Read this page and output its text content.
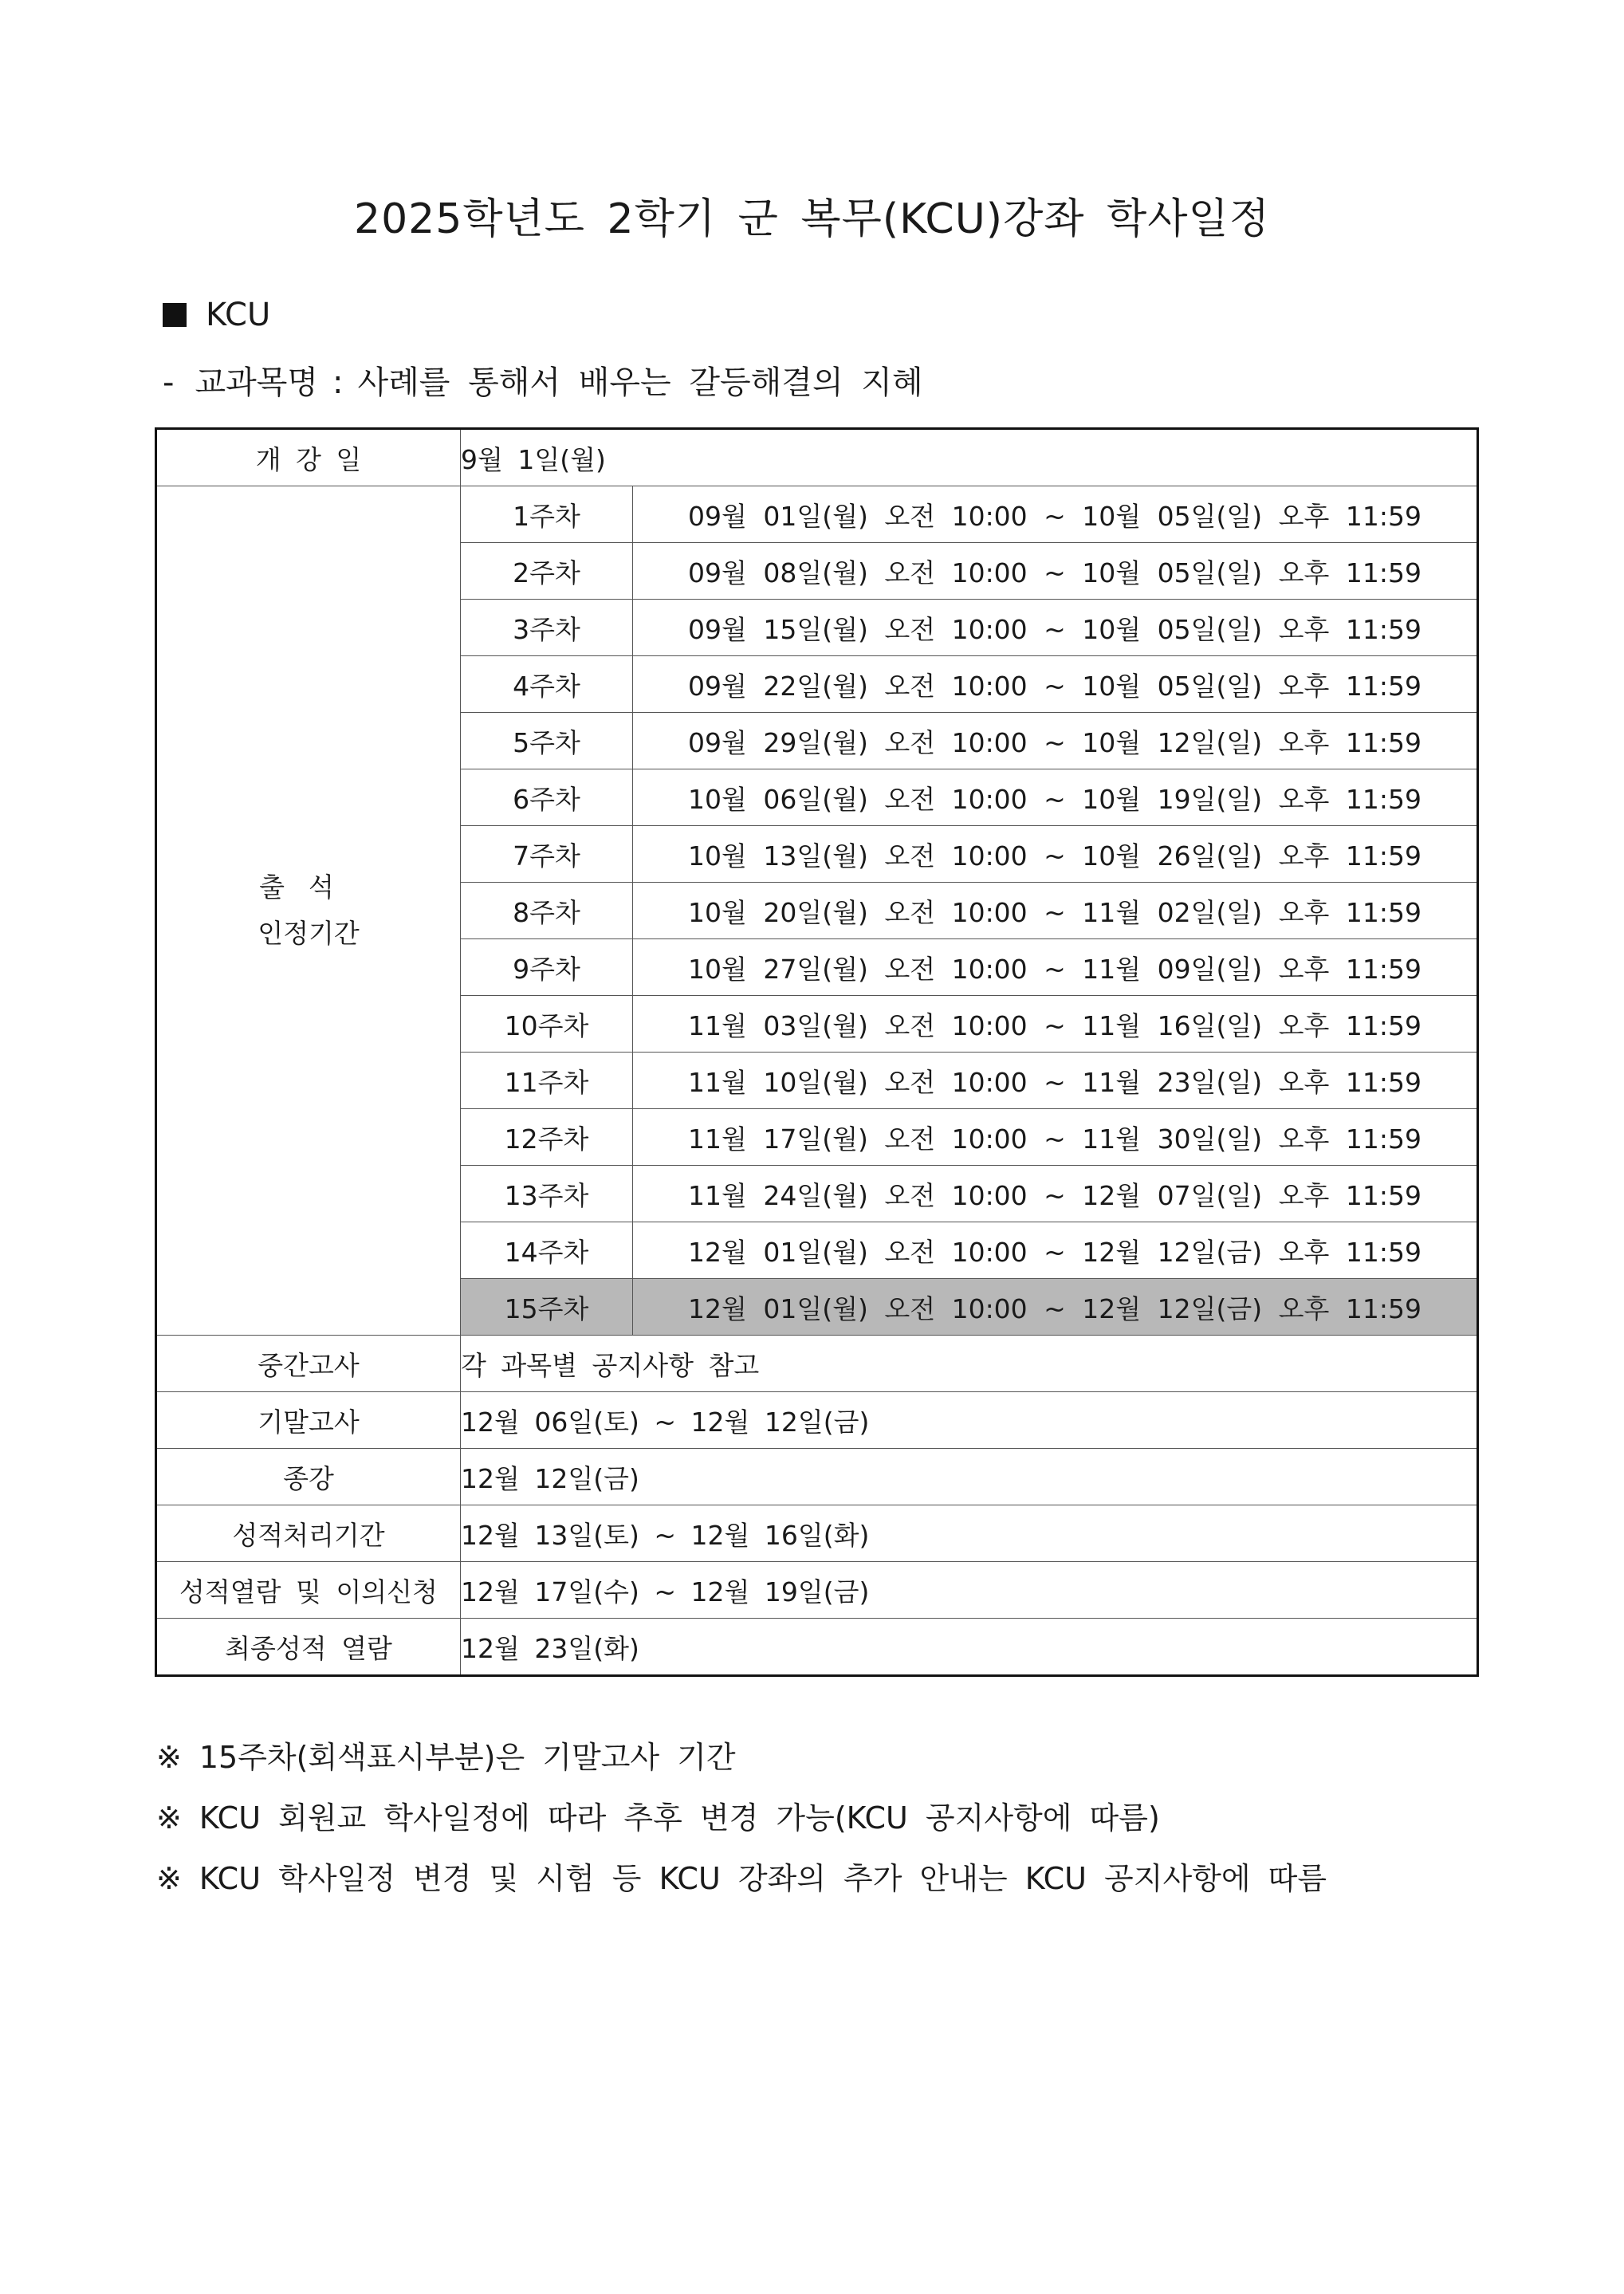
2025학년도 2학기 군 복무(KCU)강좌 학사일정
KCU
- 교과목명 : 사례를 통해서 배우는 갈등해결의 지혜
개 강 일	9월 1일(월)	

출석
인정기간	1주차	09월 01일(월) 오전 10:00 ~ 10월 05일(일) 오후 11:59
	2주차	09월 08일(월) 오전 10:00 ~ 10월 05일(일) 오후 11:59
	3주차	09월 15일(월) 오전 10:00 ~ 10월 05일(일) 오후 11:59
	4주차	09월 22일(월) 오전 10:00 ~ 10월 05일(일) 오후 11:59
	5주차	09월 29일(월) 오전 10:00 ~ 10월 12일(일) 오후 11:59
	6주차	10월 06일(월) 오전 10:00 ~ 10월 19일(일) 오후 11:59
	7주차	10월 13일(월) 오전 10:00 ~ 10월 26일(일) 오후 11:59
	8주차	10월 20일(월) 오전 10:00 ~ 11월 02일(일) 오후 11:59
	9주차	10월 27일(월) 오전 10:00 ~ 11월 09일(일) 오후 11:59
	10주차	11월 03일(월) 오전 10:00 ~ 11월 16일(일) 오후 11:59
	11주차	11월 10일(월) 오전 10:00 ~ 11월 23일(일) 오후 11:59
	12주차	11월 17일(월) 오전 10:00 ~ 11월 30일(일) 오후 11:59
	13주차	11월 24일(월) 오전 10:00 ~ 12월 07일(일) 오후 11:59
	14주차	12월 01일(월) 오전 10:00 ~ 12월 12일(금) 오후 11:59
	15주차	12월 01일(월) 오전 10:00 ~ 12월 12일(금) 오후 11:59
중간고사	각 과목별 공지사항 참고	
기말고사	12월 06일(토) ~ 12월 12일(금)	
종강	12월 12일(금)	
성적처리기간	12월 13일(토) ~ 12월 16일(화)	
성적열람 및 이의신청	12월 17일(수) ~ 12월 19일(금)	
최종성적 열람	12월 23일(화)	
※ 15주차(회색표시부분)은 기말고사 기간
※ KCU 회원교 학사일정에 따라 추후 변경 가능(KCU 공지사항에 따름)
※ KCU 학사일정 변경 및 시험 등 KCU 강좌의 추가 안내는 KCU 공지사항에 따름
